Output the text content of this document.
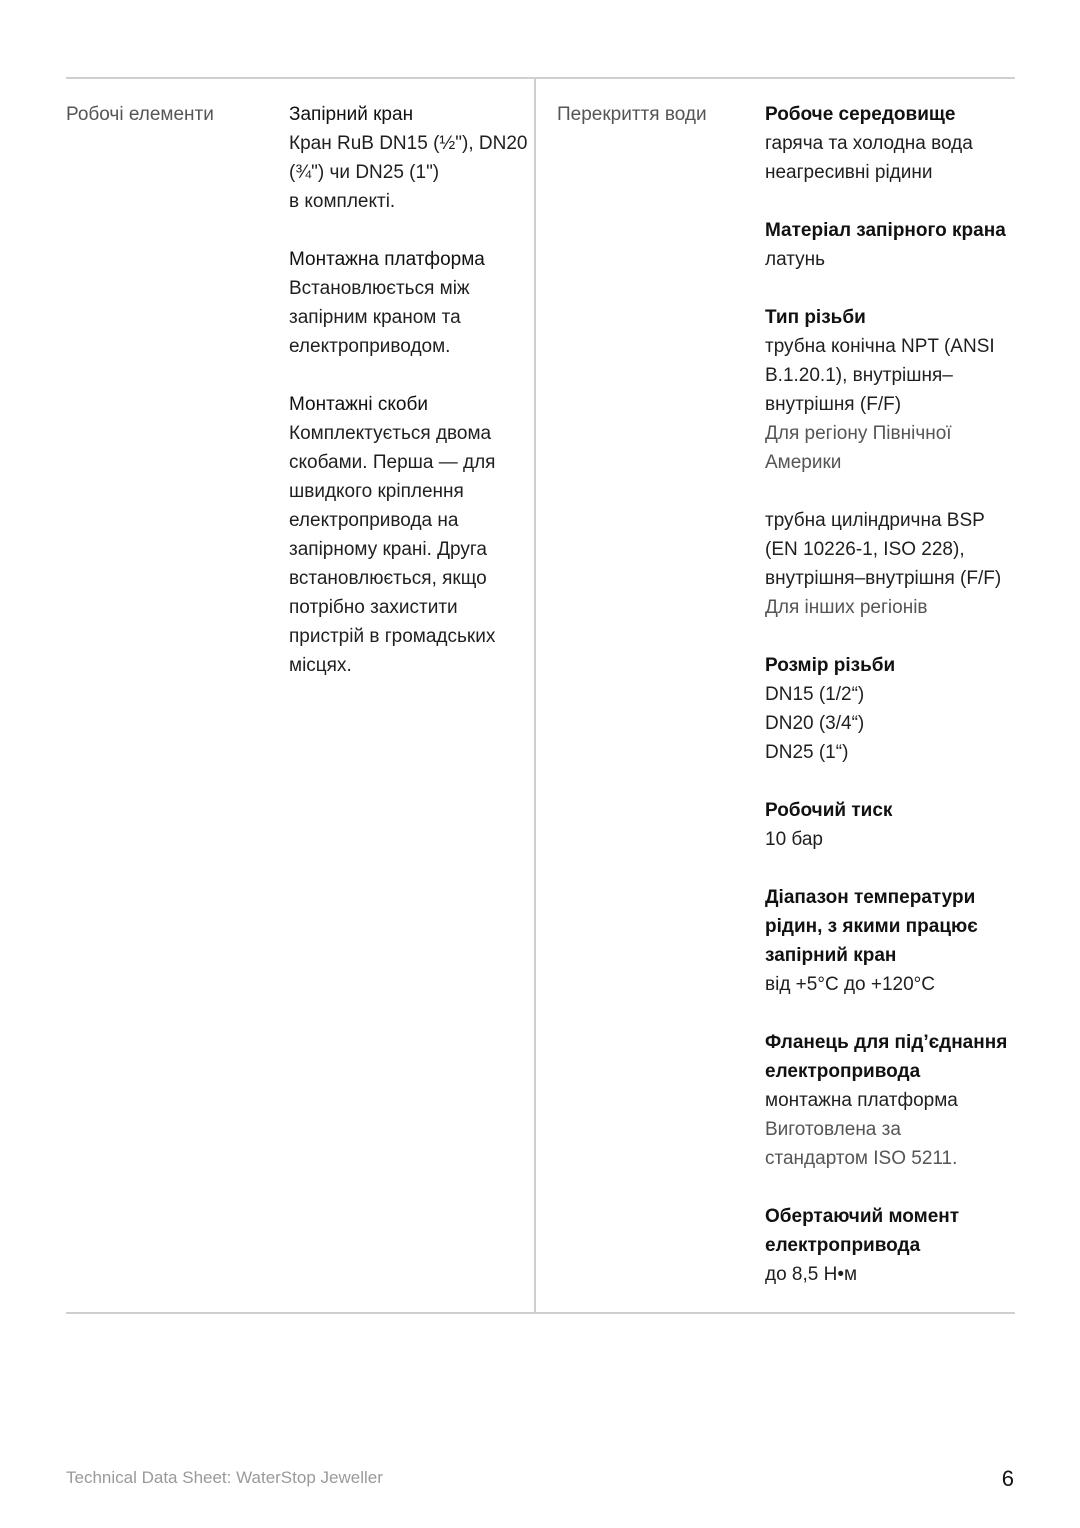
Робочі елементи	Запірний кран
Кран RuB DN15 (½"), DN20
(¾") чи DN25 (1")
в комплекті.
Монтажна платформа
Встановлюється між
запірним краном та
електроприводом.
Монтажні скоби
Комплектується двома
скобами. Перша — для
швидкого кріплення
електропривода на
запірному крані. Друга
встановлюється, якщо
потрібно захистити
пристрій в громадських
місцях.
Перекриття води	Робоче середовище
гаряча та холодна вода
неагресивні рідини
Матеріал запірного крана
латунь
Тип різьби
трубна конічна NPT (ANSI
B.1.20.1), внутрішня–
внутрішня (F/F)
Для регіону Північної
Америки
трубна циліндрична BSP
(EN 10226-1, ISO 228),
внутрішня–внутрішня (F/F)
Для інших регіонів
Розмір різьби
DN15 (1/2“)
DN20 (3/4“)
DN25 (1“)
Робочий тиск
10 бар
Діапазон температури
рідин, з якими працює
запірний кран
від +5°С до +120°С
Фланець для під’єднання
електропривода
монтажна платформа
Виготовлена за
стандартом ISO 5211.
Обертаючий момент
електропривода
до 8,5 Н•м
Technical Data Sheet: WaterStop Jeweller	6
